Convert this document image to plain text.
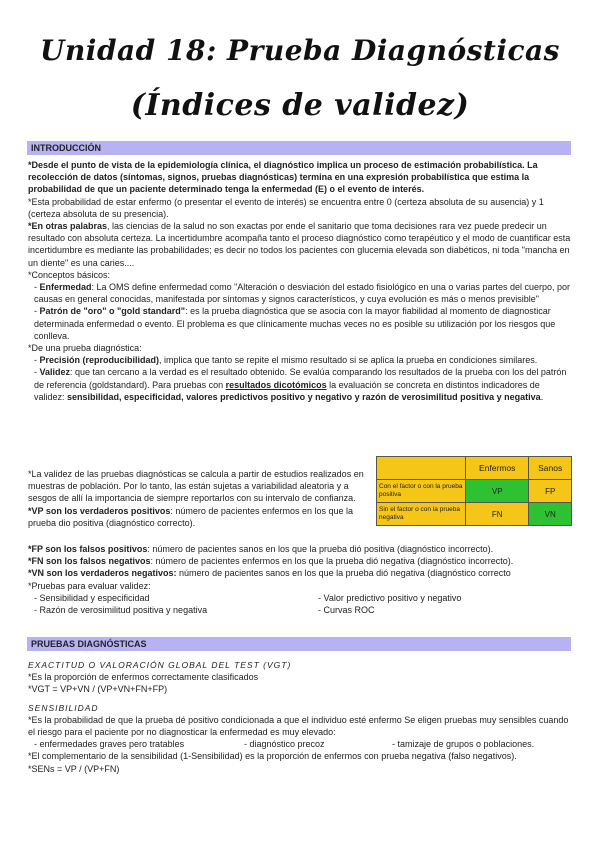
Unidad 18: Prueba Diagnósticas
(Índices de validez)
INTRODUCCIÓN

*Desde el punto de vista de la epidemiología clínica, el diagnóstico implica un proceso de estimación probabilística. La recolección de datos (síntomas, signos, pruebas diagnósticas) termina en una expresión probabilística que estima la probabilidad de que un paciente determinado tenga la enfermedad (E) o el evento de interés.

*Esta probabilidad de estar enfermo (o presentar el evento de interés) se encuentra entre 0 (certeza absoluta de su ausencia) y 1 (certeza absoluta de su presencia).

*En otras palabras, las ciencias de la salud no son exactas por ende el sanitario que toma decisiones rara vez puede predecir un resultado con absoluta certeza. La incertidumbre acompaña tanto el proceso diagnóstico como terapéutico y el modo de cuantificar esta incertidumbre es mediante las probabilidades; es decir no todos los pacientes con glucemia elevada son diabéticos, ni toda "mancha en un diente" es una caries....

*Conceptos básicos:

- Enfermedad: La OMS define enfermedad como "Alteración o desviación del estado fisiológico en una o varias partes del cuerpo, por causas en general conocidas, manifestada por síntomas y signos característicos, y cuya evolución es más o menos previsible"

- Patrón de "oro" o "gold standard": es la prueba diagnóstica que se asocia con la mayor fiabilidad al momento de diagnosticar determinada enfermedad o evento. El problema es que clínicamente muchas veces no es posible su utilización por los riesgos que conlleva.

*De una prueba diagnóstica:

- Precisión (reproducibilidad), implica que tanto se repite el mismo resultado si se aplica la prueba en condiciones similares.

- Validez: que tan cercano a la verdad es el resultado obtenido. Se evalúa comparando los resultados de la prueba con los del patrón de referencia (goldstandard). Para pruebas con resultados dicotómicos la evaluación se concreta en distintos indicadores de validez: sensibilidad, especificidad, valores predictivos positivo y negativo y razón de verosimilitud positiva y negativa.

*La validez de las pruebas diagnósticas se calcula a partir de estudios realizados en muestras de población. Por lo tanto, las están sujetas a variabilidad aleatoria y a sesgos de allí la importancia de siempre reportarlos con su intervalo de confianza.

*VP son los verdaderos positivos: número de pacientes enfermos en los que la prueba dio positiva (diagnóstico correcto).

	Enfermos	Sanos
Con el factor o con la prueba positiva	VP	FP
Sin el factor o con la prueba negativa	FN	VN

*FP son los falsos positivos: número de pacientes sanos en los que la prueba dió positiva (diagnóstico incorrecto).

*FN son los falsos negativos: número de pacientes enfermos en los que la prueba dió negativa (diagnóstico incorrecto).

*VN son los verdaderos negativos: número de pacientes sanos en los que la prueba dió negativa (diagnóstico correcto

*Pruebas para evaluar validez:

- Sensibilidad y especificidad	- Valor predictivo positivo y negativo
- Razón de verosimilitud positiva y negativa	- Curvas ROC
PRUEBAS DIAGNÓSTICAS

EXACTITUD O VALORACIÓN GLOBAL DEL TEST (VGT)

*Es la proporción de enfermos correctamente clasificados

*VGT = VP+VN / (VP+VN+FN+FP)

SENSIBILIDAD

*Es la probabilidad de que la prueba dé positivo condicionada a que el individuo esté enfermo Se eligen pruebas muy sensibles cuando el riesgo para el paciente por no diagnosticar la enfermedad es muy elevado:

- enfermedades graves pero tratables	- diagnóstico precoz	- tamizaje de grupos o poblaciones.

*El complementario de la sensibilidad (1-Sensibilidad) es la proporción de enfermos con prueba negativa (falso negativos).

*SENs = VP / (VP+FN)
